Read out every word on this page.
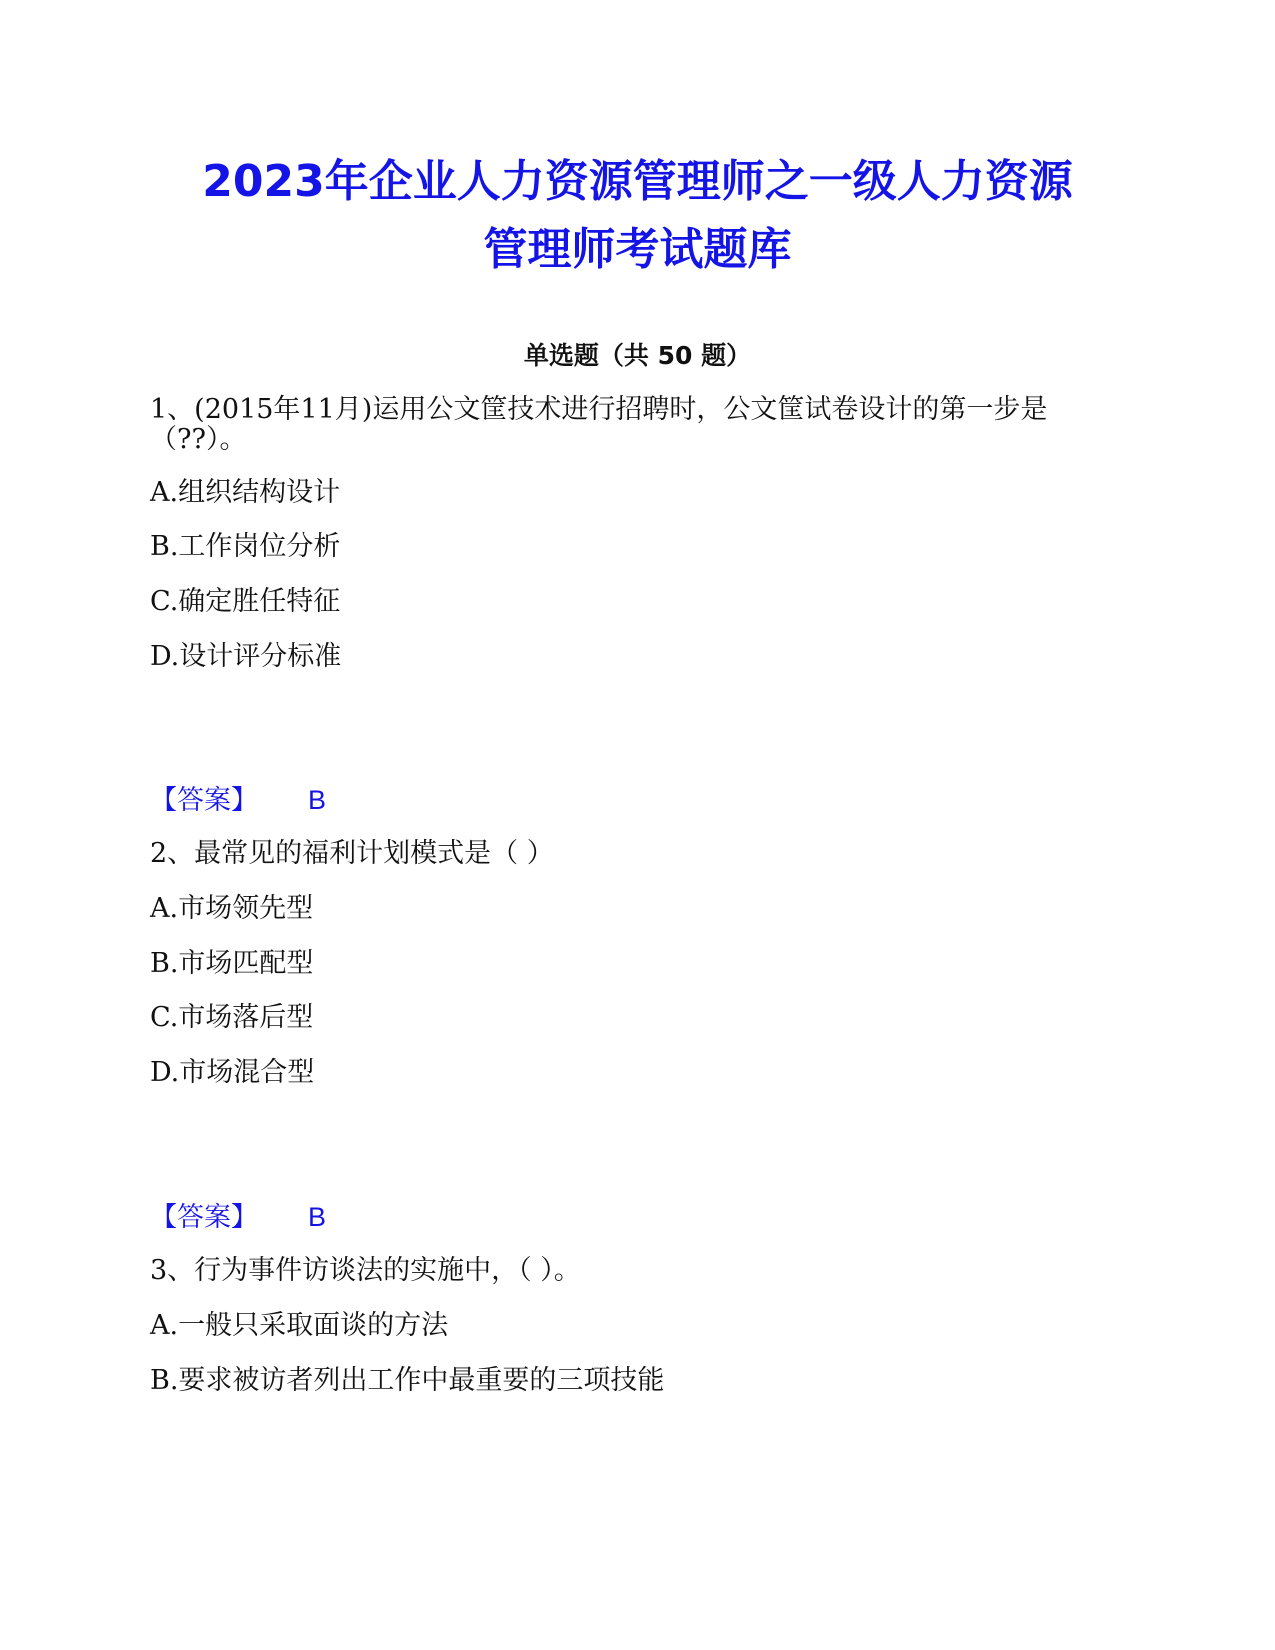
2023年企业人力资源管理师之一级人力资源
管理师考试题库
单选题（共 50 题）
1、(2015年11月)运用公文筐技术进行招聘时，公文筐试卷设计的第一步是
（??）。
A.组织结构设计
B.工作岗位分析
C.确定胜任特征
D.设计评分标准
【答案】 B
2、最常见的福利计划模式是（ ）
A.市场领先型
B.市场匹配型
C.市场落后型
D.市场混合型
【答案】 B
3、行为事件访谈法的实施中，（ ）。
A.一般只采取面谈的方法
B.要求被访者列出工作中最重要的三项技能
